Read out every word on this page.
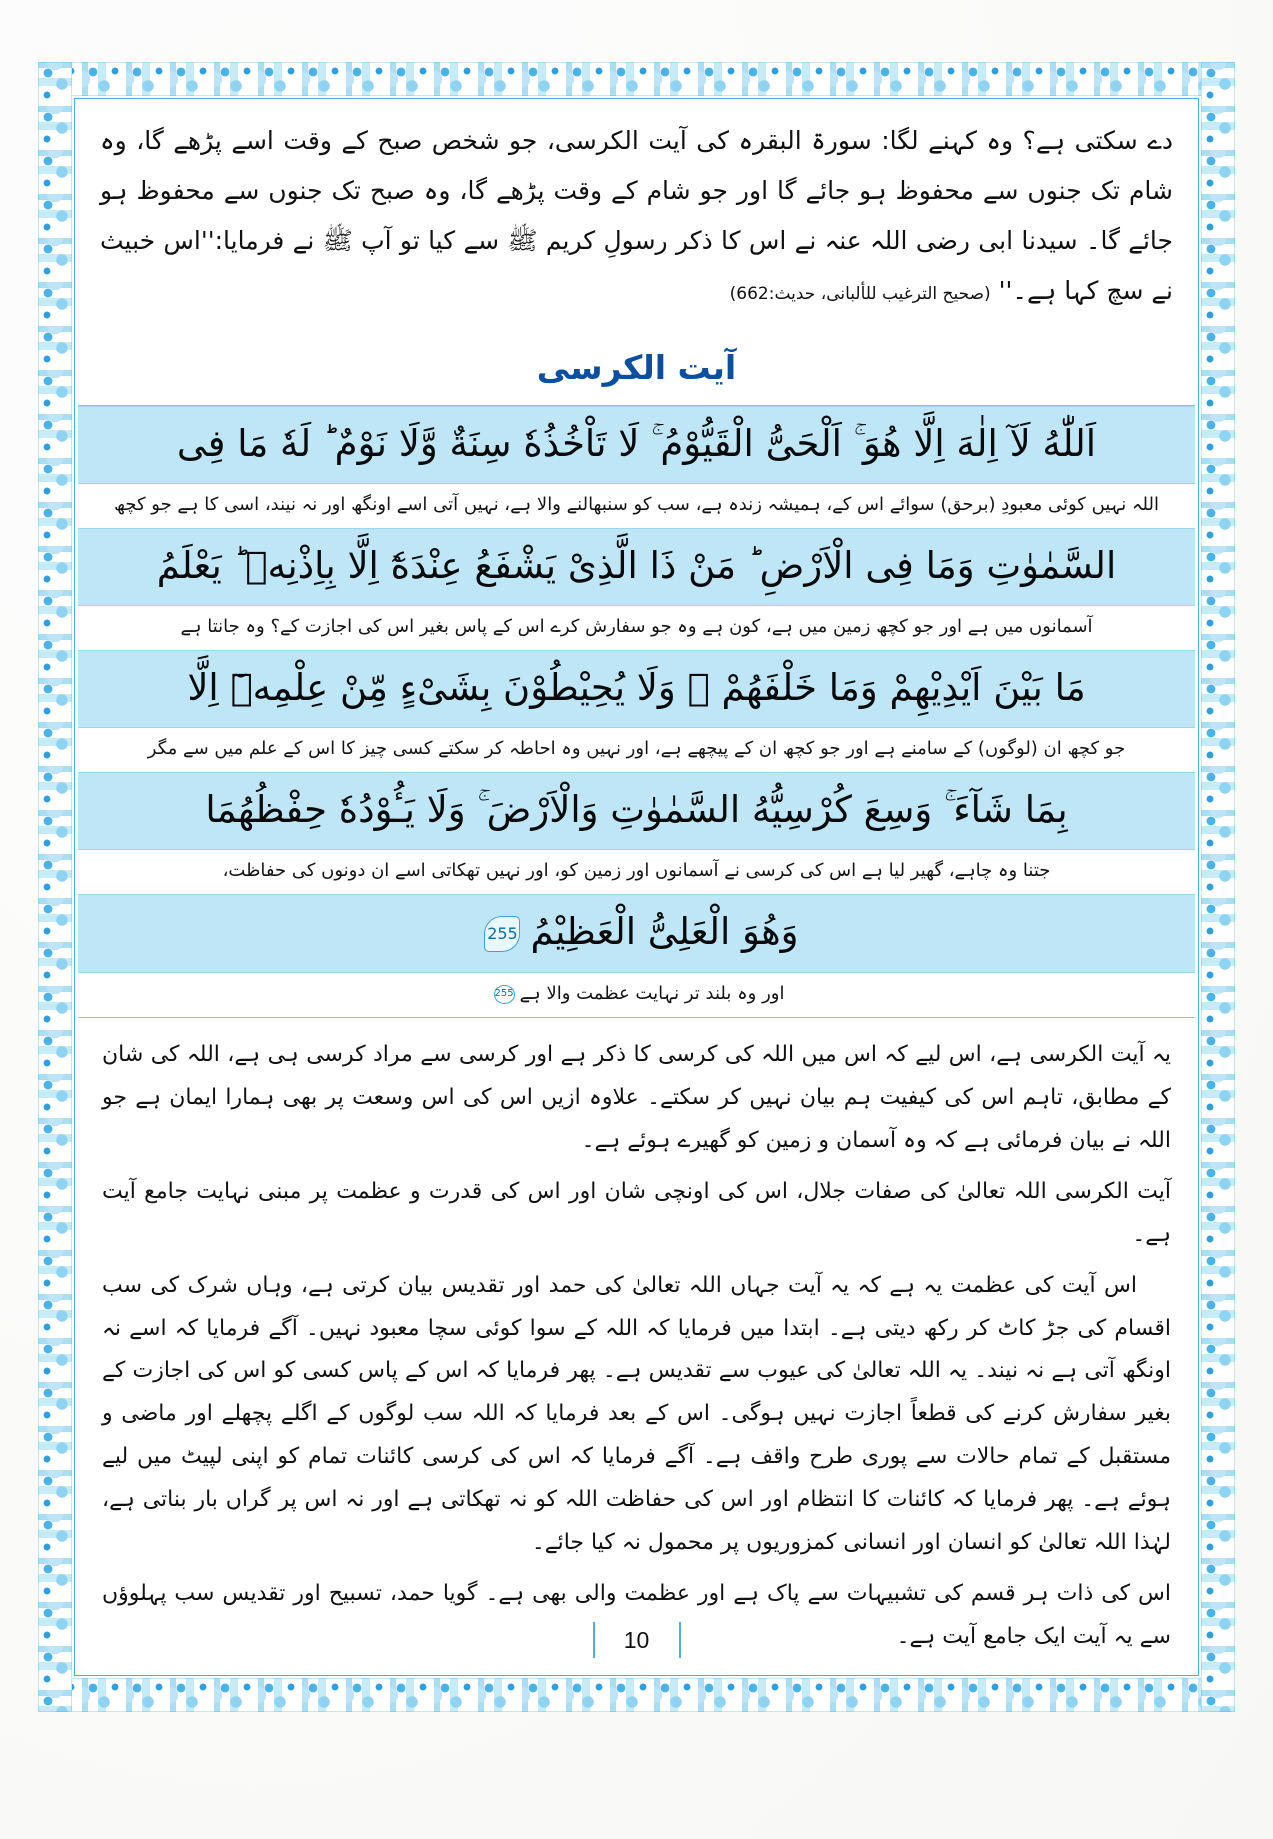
10

دے سکتی ہے؟ وہ کہنے لگا: سورۃ البقرہ کی آیت الکرسی، جو شخص صبح کے وقت اسے پڑھے گا، وہ شام تک جنوں سے محفوظ ہو جائے گا اور جو شام کے وقت پڑھے گا، وہ صبح تک جنوں سے محفوظ ہو جائے گا۔ سیدنا ابی رضی اللہ عنہ نے اس کا ذکر رسولِ کریم ﷺ سے کیا تو آپ ﷺ نے فرمایا:''اس خبیث نے سچ کہا ہے۔'' (صحیح الترغیب للألبانی، حدیث:662)

آیت الکرسی
اَللّٰهُ لَآ اِلٰهَ اِلَّا هُوَ ۚ اَلْحَیُّ الْقَیُّوْمُ ۚ لَا تَاْخُذُهٗ سِنَةٌ وَّلَا نَوْمٌ ؕ لَهٗ مَا فِی
اللہ نہیں کوئی معبودِ (برحق) سوائے اس کے، ہمیشہ زندہ ہے، سب کو سنبھالنے والا ہے، نہیں آتی اسے اونگھ اور نہ نیند، اسی کا ہے جو کچھ
السَّمٰوٰتِ وَمَا فِی الْاَرْضِ ؕ مَنْ ذَا الَّذِیْ یَشْفَعُ عِنْدَهٗٓ اِلَّا بِاِذْنِهٖ ؕ یَعْلَمُ
آسمانوں میں ہے اور جو کچھ زمین میں ہے، کون ہے وہ جو سفارش کرے اس کے پاس بغیر اس کی اجازت کے؟ وہ جانتا ہے
مَا بَیْنَ اَیْدِیْهِمْ وَمَا خَلْفَهُمْ ۚ وَلَا یُحِیْطُوْنَ بِشَیْءٍ مِّنْ عِلْمِهٖٓ اِلَّا
جو کچھ ان (لوگوں) کے سامنے ہے اور جو کچھ ان کے پیچھے ہے، اور نہیں وہ احاطہ کر سکتے کسی چیز کا اس کے علم میں سے مگر
بِمَا شَآءَ ۚ وَسِعَ كُرْسِیُّهُ السَّمٰوٰتِ وَالْاَرْضَ ۚ وَلَا یَـُٔوْدُهٗ حِفْظُهُمَا
جتنا وہ چاہے، گھیر لیا ہے اس کی کرسی نے آسمانوں اور زمین کو، اور نہیں تھکاتی اسے ان دونوں کی حفاظت،
وَهُوَ الْعَلِیُّ الْعَظِیْمُ255
اور وہ بلند تر نہایت عظمت والا ہے255

یہ آیت الکرسی ہے، اس لیے کہ اس میں اللہ کی کرسی کا ذکر ہے اور کرسی سے مراد کرسی ہی ہے، اللہ کی شان کے مطابق، تاہم اس کی کیفیت ہم بیان نہیں کر سکتے۔ علاوہ ازیں اس کی اس وسعت پر بھی ہمارا ایمان ہے جو اللہ نے بیان فرمائی ہے کہ وہ آسمان و زمین کو گھیرے ہوئے ہے۔

آیت الکرسی اللہ تعالیٰ کی صفات جلال، اس کی اونچی شان اور اس کی قدرت و عظمت پر مبنی نہایت جامع آیت ہے۔

اس آیت کی عظمت یہ ہے کہ یہ آیت جہاں اللہ تعالیٰ کی حمد اور تقدیس بیان کرتی ہے، وہاں شرک کی سب اقسام کی جڑ کاٹ کر رکھ دیتی ہے۔ ابتدا میں فرمایا کہ اللہ کے سوا کوئی سچا معبود نہیں۔ آگے فرمایا کہ اسے نہ اونگھ آتی ہے نہ نیند۔ یہ اللہ تعالیٰ کی عیوب سے تقدیس ہے۔ پھر فرمایا کہ اس کے پاس کسی کو اس کی اجازت کے بغیر سفارش کرنے کی قطعاً اجازت نہیں ہوگی۔ اس کے بعد فرمایا کہ اللہ سب لوگوں کے اگلے پچھلے اور ماضی و مستقبل کے تمام حالات سے پوری طرح واقف ہے۔ آگے فرمایا کہ اس کی کرسی کائنات تمام کو اپنی لپیٹ میں لیے ہوئے ہے۔ پھر فرمایا کہ کائنات کا انتظام اور اس کی حفاظت اللہ کو نہ تھکاتی ہے اور نہ اس پر گراں بار بناتی ہے، لہٰذا اللہ تعالیٰ کو انسان اور انسانی کمزوریوں پر محمول نہ کیا جائے۔

اس کی ذات ہر قسم کی تشبیہات سے پاک ہے اور عظمت والی بھی ہے۔ گویا حمد، تسبیح اور تقدیس سب پہلوؤں سے یہ آیت ایک جامع آیت ہے۔
